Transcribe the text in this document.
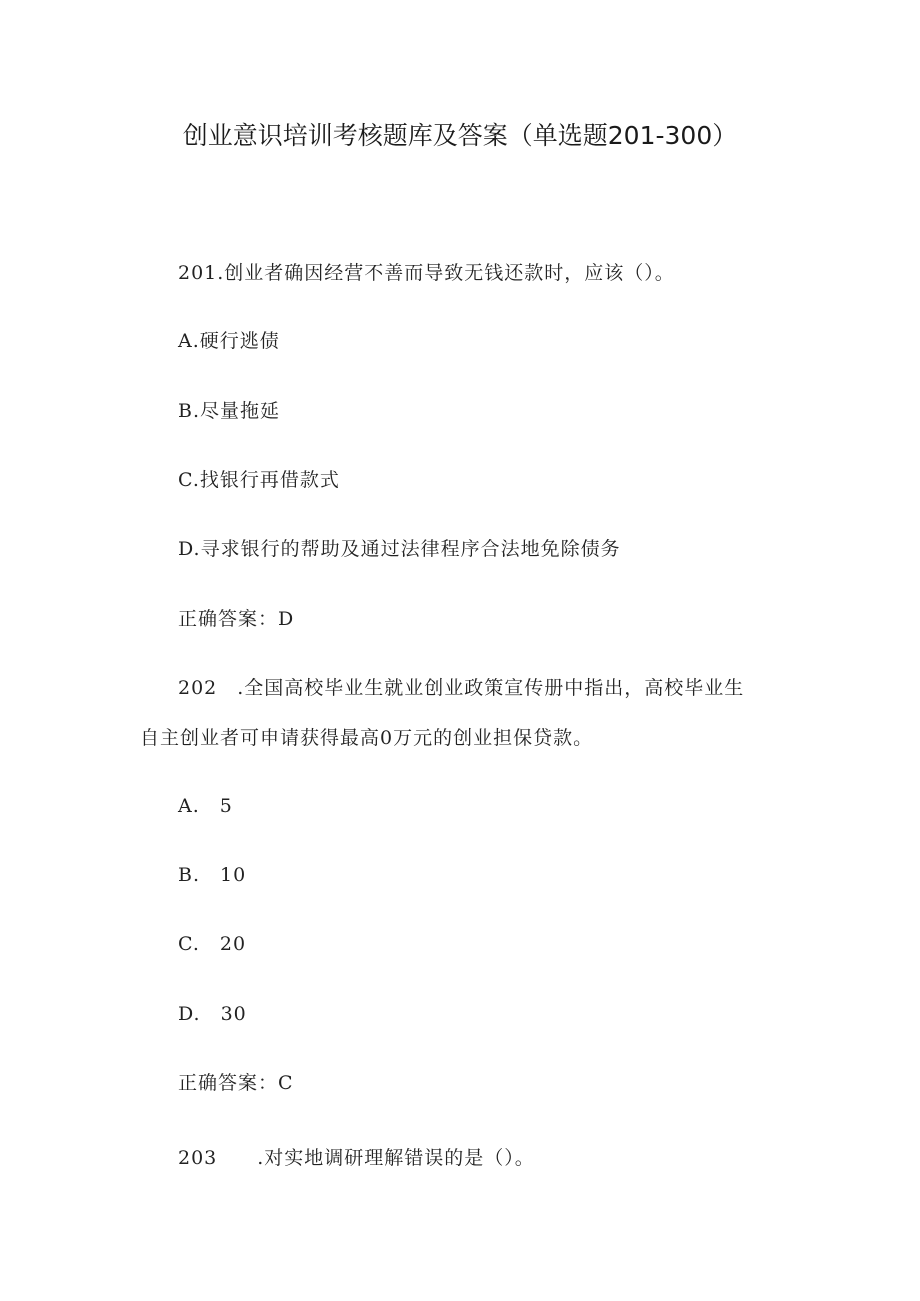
创业意识培训考核题库及答案（单选题201-300）
201.创业者确因经营不善而导致无钱还款时，应该（）。
A.硬行逃债
B.尽量拖延
C.找银行再借款式
D.寻求银行的帮助及通过法律程序合法地免除债务
正确答案：D
202　.全国高校毕业生就业创业政策宣传册中指出，高校毕业生
自主创业者可申请获得最高0万元的创业担保贷款。
A.　5
B.　10
C.　20
D.　30
正确答案：C
203　　.对实地调研理解错误的是（）。
